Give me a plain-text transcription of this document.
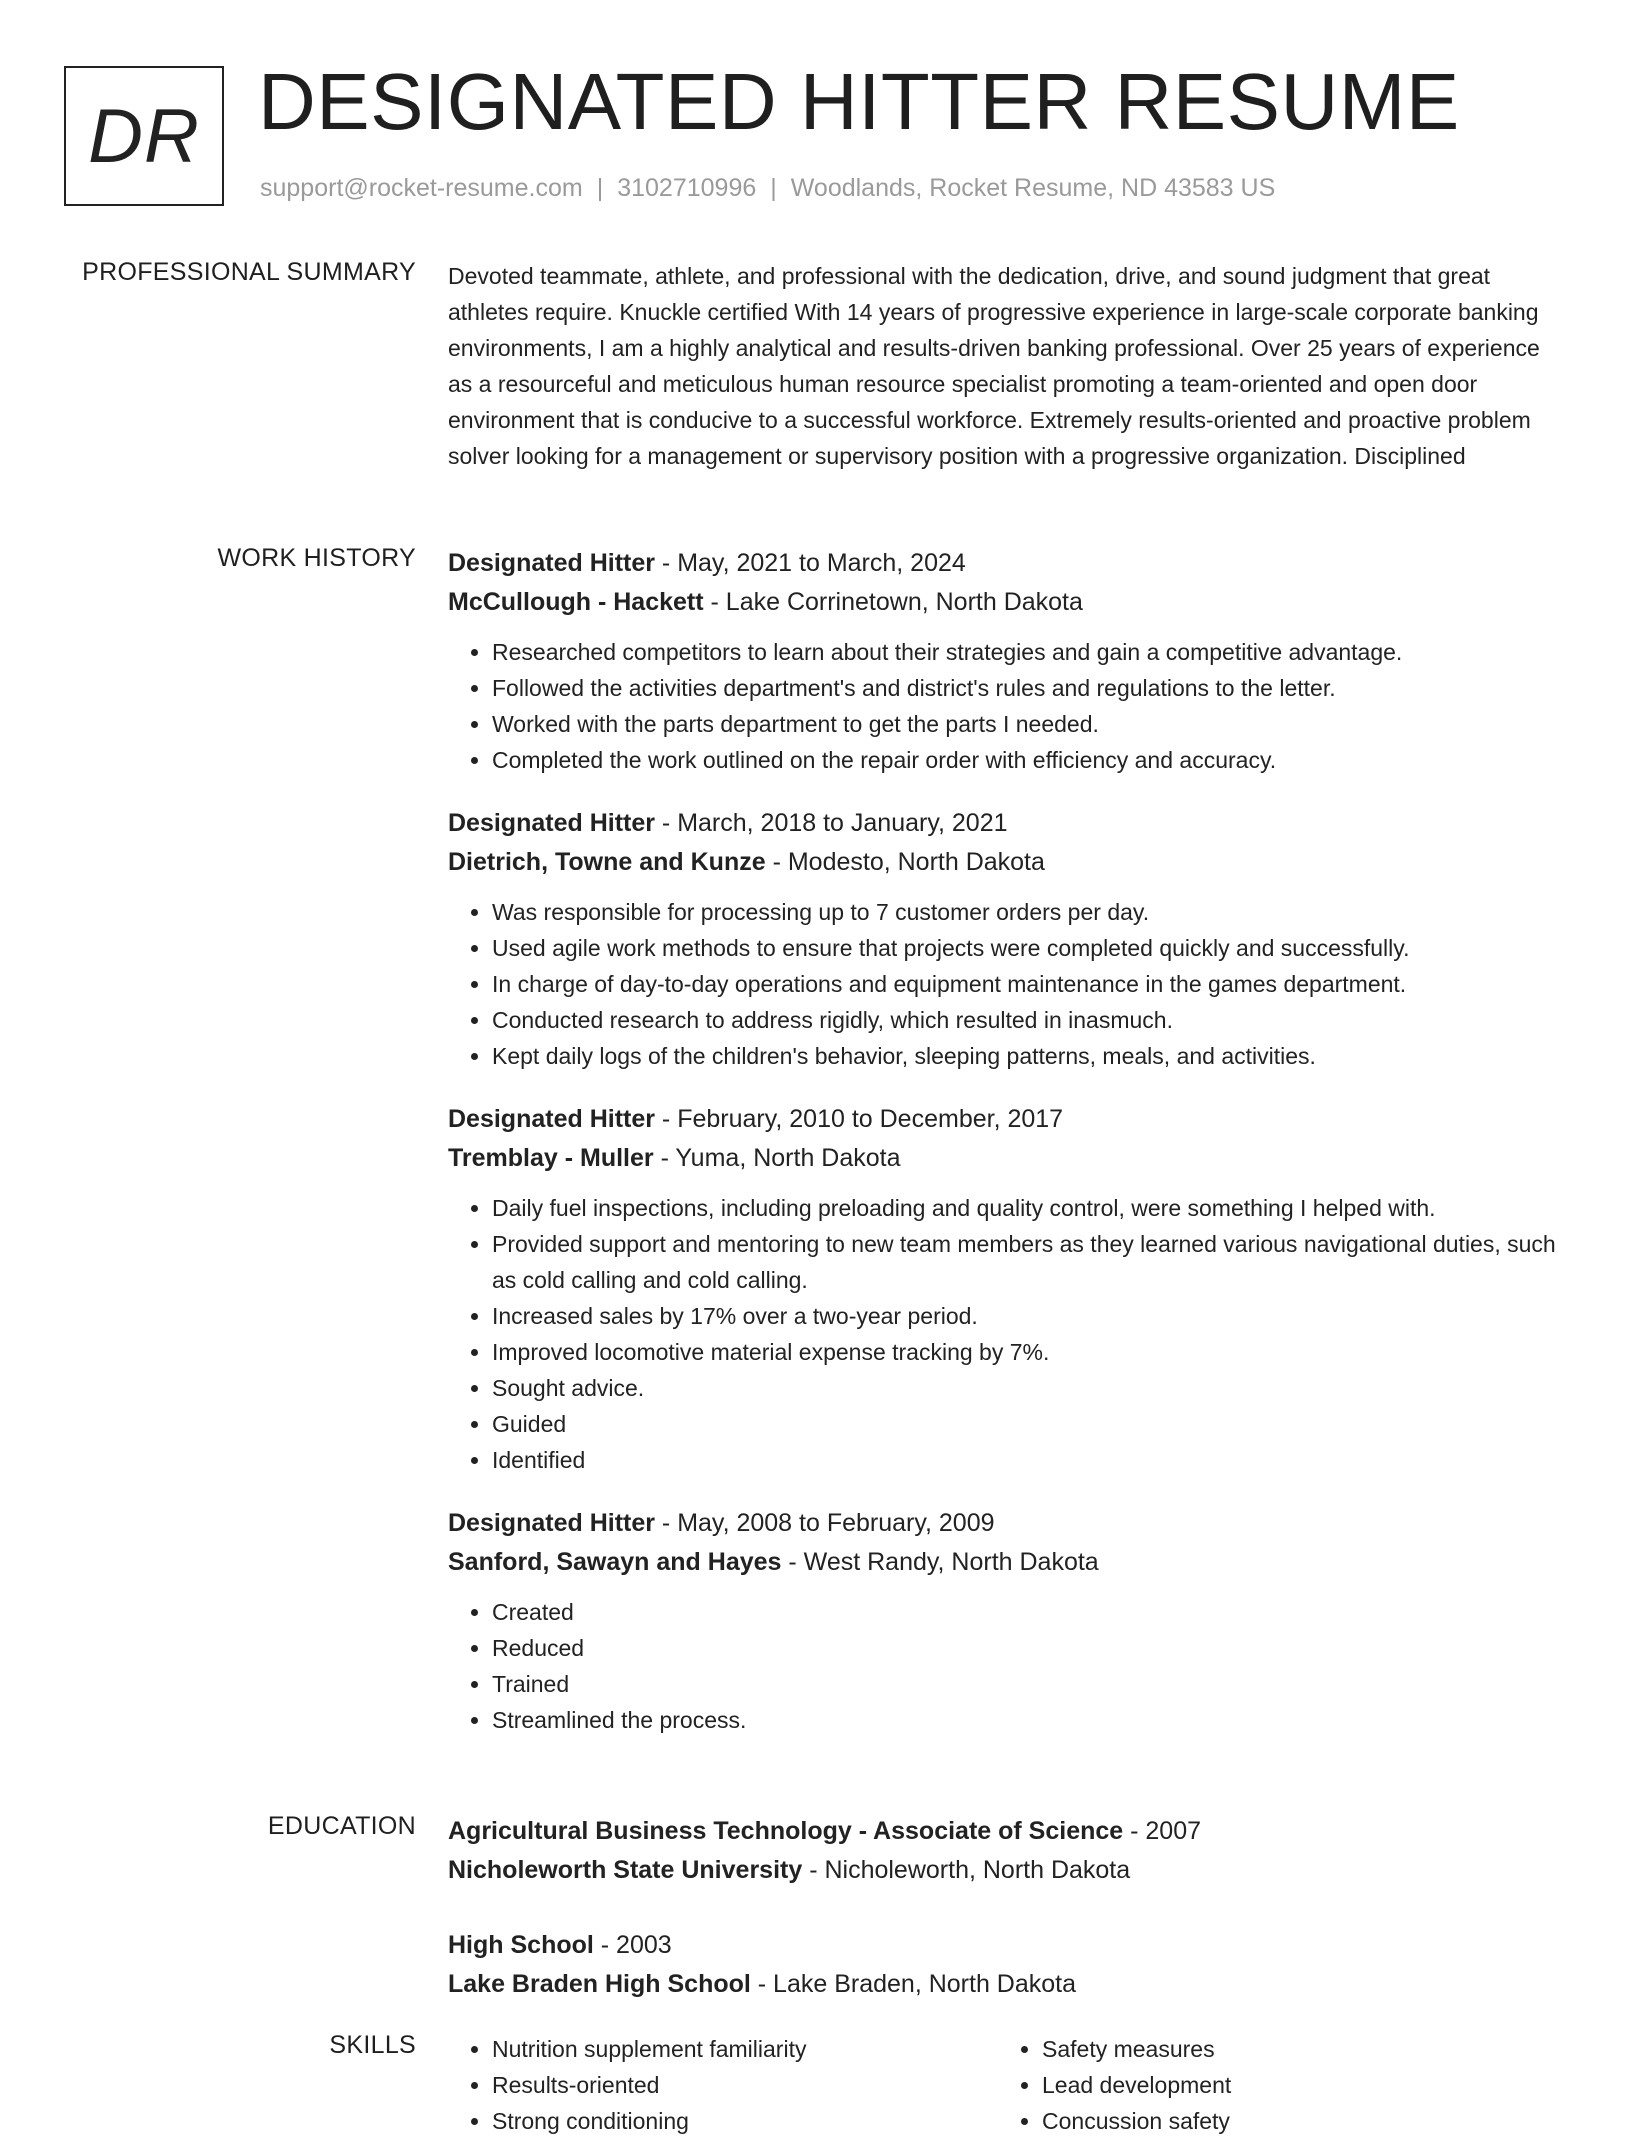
DR DESIGNATED HITTER RESUME
support@rocket-resume.com | 3102710996 | Woodlands, Rocket Resume, ND 43583 US
PROFESSIONAL SUMMARY Devoted teammate, athlete, and professional with the dedication, drive, and sound judgment that great athletes require. Knuckle certified With 14 years of progressive experience in large-scale corporate banking environments, I am a highly analytical and results-driven banking professional. Over 25 years of experience as a resourceful and meticulous human resource specialist promoting a team-oriented and open door environment that is conducive to a successful workforce. Extremely results-oriented and proactive problem solver looking for a management or supervisory position with a progressive organization. Disciplined

WORK HISTORY Designated Hitter - May, 2021 to March, 2024
McCullough - Hackett - Lake Corrinetown, North Dakota
• Researched competitors to learn about their strategies and gain a competitive advantage.
• Followed the activities department's and district's rules and regulations to the letter.
• Worked with the parts department to get the parts I needed.
• Completed the work outlined on the repair order with efficiency and accuracy.
Designated Hitter - March, 2018 to January, 2021
Dietrich, Towne and Kunze - Modesto, North Dakota
• Was responsible for processing up to 7 customer orders per day.
• Used agile work methods to ensure that projects were completed quickly and successfully.
• In charge of day-to-day operations and equipment maintenance in the games department.
• Conducted research to address rigidly, which resulted in inasmuch.
• Kept daily logs of the children's behavior, sleeping patterns, meals, and activities.
Designated Hitter - February, 2010 to December, 2017
Tremblay - Muller - Yuma, North Dakota
• Daily fuel inspections, including preloading and quality control, were something I helped with.
• Provided support and mentoring to new team members as they learned various navigational duties, such as cold calling and cold calling.
• Increased sales by 17% over a two-year period.
• Improved locomotive material expense tracking by 7%.
• Sought advice.
• Guided
• Identified
Designated Hitter - May, 2008 to February, 2009
Sanford, Sawayn and Hayes - West Randy, North Dakota
• Created
• Reduced
• Trained
• Streamlined the process.
EDUCATION Agricultural Business Technology - Associate of Science - 2007
Nicholeworth State University - Nicholeworth, North Dakota
High School - 2003
Lake Braden High School - Lake Braden, North Dakota
SKILLS
•	Nutrition supplement familiarity
• Results-oriented
• Strong conditioning
• Safety measures
• Lead development
• Concussion safety
